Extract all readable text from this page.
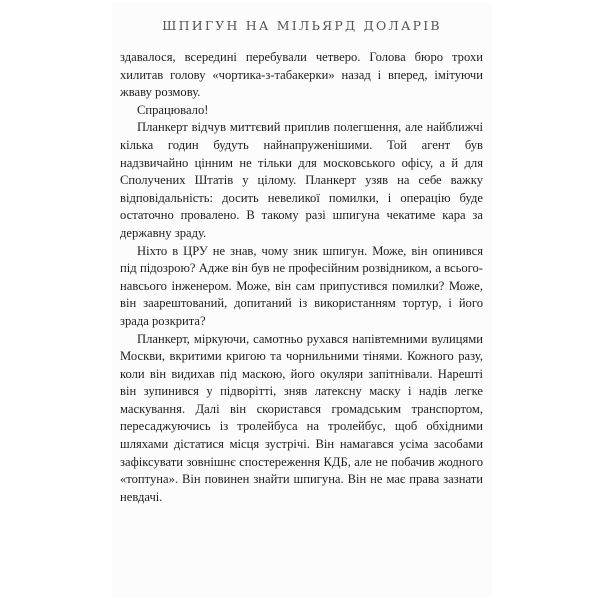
ШПИГУН НА МІЛЬЯРД ДОЛАРІВ

здавалося, всередині перебували четверо. Голова бюро трохи хилитав голову «чортика-з-табакерки» назад і вперед, імітуючи жваву розмову.

Спрацювало!

Планкерт відчув миттєвий приплив полегшення, але найближчі кілька годин будуть найнапруженішими. Той агент був надзвичайно цінним не тільки для московського офісу, а й для Сполучених Штатів у цілому. Планкерт узяв на себе важку відповідальність: досить невеликої помилки, і операцію буде остаточно провалено. В такому разі шпигуна чекатиме кара за державну зраду.

Ніхто в ЦРУ не знав, чому зник шпигун. Може, він опинився під підозрою? Адже він був не професійним розвідником, а всього-навсього інженером. Може, він сам припустився помилки? Може, він заарештований, допитаний із використанням тортур, і його зрада розкрита?

Планкерт, міркуючи, самотньо рухався напівтемними вулицями Москви, вкритими кригою та чорнильними тінями. Кожного разу, коли він видихав під маскою, його окуляри запітнівали. Нарешті він зупинився у підворітті, зняв латексну маску і надів легке маскування. Далі він скористався громадським транспортом, пересаджуючись із тролейбуса на тролейбус, щоб обхідними шляхами дістатися місця зустрічі. Він намагався усіма засобами зафіксувати зовнішнє спостереження КДБ, але не побачив жодного «топтуна». Він повинен знайти шпигуна. Він не має права зазнати невдачі.
